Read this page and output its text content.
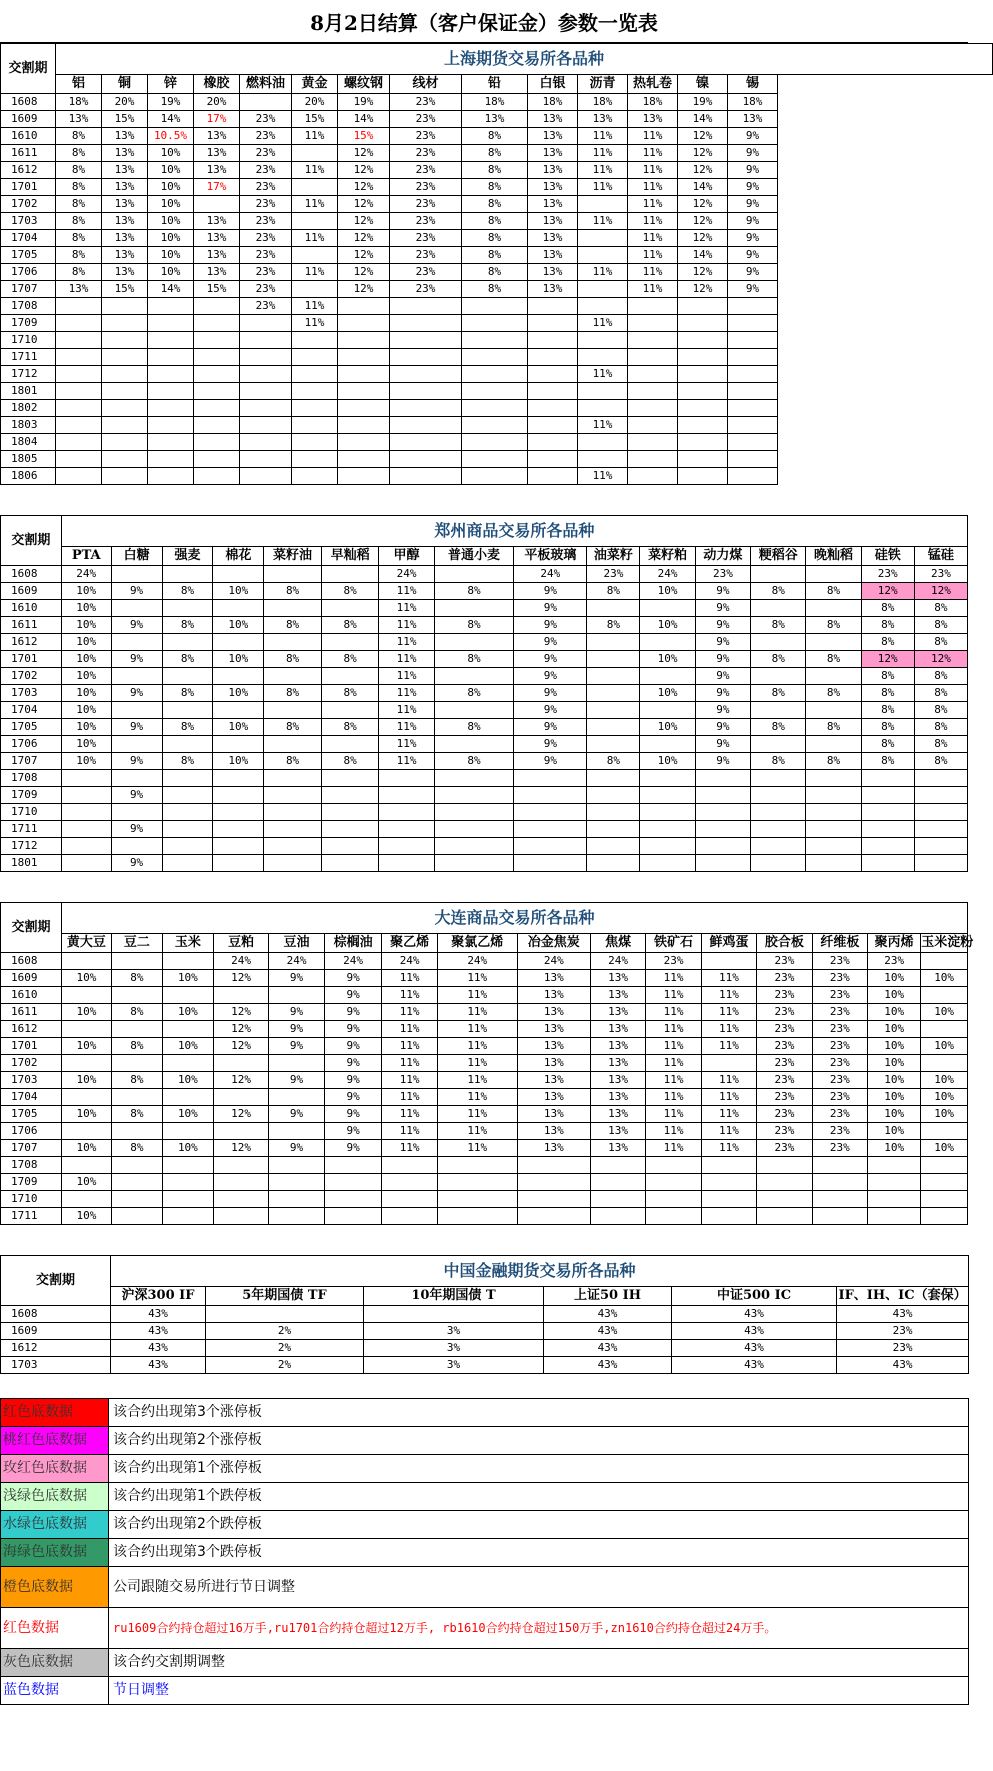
8月2日结算（客户保证金）参数一览表
交割期	上海期货交易所各品种														
	铝	铜	锌	橡胶	燃料油	黄金	螺纹钢	线材	铅	白银	沥青	热轧卷	镍	锡	
1608	18%	20%	19%	20%		20%	19%	23%	18%	18%	18%	18%	19%	18%	
1609	13%	15%	14%	17%	23%	15%	14%	23%	13%	13%	13%	13%	14%	13%	
1610	8%	13%	10.5%	13%	23%	11%	15%	23%	8%	13%	11%	11%	12%	9%	
1611	8%	13%	10%	13%	23%		12%	23%	8%	13%	11%	11%	12%	9%	
1612	8%	13%	10%	13%	23%	11%	12%	23%	8%	13%	11%	11%	12%	9%	
1701	8%	13%	10%	17%	23%		12%	23%	8%	13%	11%	11%	14%	9%	
1702	8%	13%	10%		23%	11%	12%	23%	8%	13%		11%	12%	9%	
1703	8%	13%	10%	13%	23%		12%	23%	8%	13%	11%	11%	12%	9%	
1704	8%	13%	10%	13%	23%	11%	12%	23%	8%	13%		11%	12%	9%	
1705	8%	13%	10%	13%	23%		12%	23%	8%	13%		11%	14%	9%	
1706	8%	13%	10%	13%	23%	11%	12%	23%	8%	13%	11%	11%	12%	9%	
1707	13%	15%	14%	15%	23%		12%	23%	8%	13%		11%	12%	9%	
1708					23%	11%									
1709						11%					11%				
1710															
1711															
1712											11%				
1801															
1802															
1803											11%				
1804															
1805															
1806											11%				
交割期	郑州商品交易所各品种															
	PTA	白糖	强麦	棉花	菜籽油	早籼稻	甲醇	普通小麦	平板玻璃	油菜籽	菜籽粕	动力煤	粳稻谷	晚籼稻	硅铁	锰硅
1608	24%						24%		24%	23%	24%	23%			23%	23%
1609	10%	9%	8%	10%	8%	8%	11%	8%	9%	8%	10%	9%	8%	8%	12%	12%
1610	10%						11%		9%			9%			8%	8%
1611	10%	9%	8%	10%	8%	8%	11%	8%	9%	8%	10%	9%	8%	8%	8%	8%
1612	10%						11%		9%			9%			8%	8%
1701	10%	9%	8%	10%	8%	8%	11%	8%	9%		10%	9%	8%	8%	12%	12%
1702	10%						11%		9%			9%			8%	8%
1703	10%	9%	8%	10%	8%	8%	11%	8%	9%		10%	9%	8%	8%	8%	8%
1704	10%						11%		9%			9%			8%	8%
1705	10%	9%	8%	10%	8%	8%	11%	8%	9%		10%	9%	8%	8%	8%	8%
1706	10%						11%		9%			9%			8%	8%
1707	10%	9%	8%	10%	8%	8%	11%	8%	9%	8%	10%	9%	8%	8%	8%	8%
1708																
1709		9%														
1710																
1711		9%														
1712																
1801		9%														
交割期	大连商品交易所各品种															
	黄大豆	豆二	玉米	豆粕	豆油	棕榈油	聚乙烯	聚氯乙烯	冶金焦炭	焦煤	铁矿石	鲜鸡蛋	胶合板	纤维板	聚丙烯	玉米淀粉
1608				24%	24%	24%	24%	24%	24%	24%	23%		23%	23%	23%	
1609	10%	8%	10%	12%	9%	9%	11%	11%	13%	13%	11%	11%	23%	23%	10%	10%
1610						9%	11%	11%	13%	13%	11%	11%	23%	23%	10%	
1611	10%	8%	10%	12%	9%	9%	11%	11%	13%	13%	11%	11%	23%	23%	10%	10%
1612				12%	9%	9%	11%	11%	13%	13%	11%	11%	23%	23%	10%	
1701	10%	8%	10%	12%	9%	9%	11%	11%	13%	13%	11%	11%	23%	23%	10%	10%
1702						9%	11%	11%	13%	13%	11%		23%	23%	10%	
1703	10%	8%	10%	12%	9%	9%	11%	11%	13%	13%	11%	11%	23%	23%	10%	10%
1704						9%	11%	11%	13%	13%	11%	11%	23%	23%	10%	10%
1705	10%	8%	10%	12%	9%	9%	11%	11%	13%	13%	11%	11%	23%	23%	10%	10%
1706						9%	11%	11%	13%	13%	11%	11%	23%	23%	10%	
1707	10%	8%	10%	12%	9%	9%	11%	11%	13%	13%	11%	11%	23%	23%	10%	10%
1708																
1709	10%															
1710																
1711	10%															
交割期	中国金融期货交易所各品种					
	沪深300 IF	5年期国债 TF	10年期国债 T	上证50 IH	中证500 IC	IF、IH、IC（套保）
1608	43%			43%	43%	43%
1609	43%	2%	3%	43%	43%	23%
1612	43%	2%	3%	43%	43%	23%
1703	43%	2%	3%	43%	43%	43%
红色底数据	该合约出现第3个涨停板
桃红色底数据	该合约出现第2个涨停板
玫红色底数据	该合约出现第1个涨停板
浅绿色底数据	该合约出现第1个跌停板
水绿色底数据	该合约出现第2个跌停板
海绿色底数据	该合约出现第3个跌停板
橙色底数据	公司跟随交易所进行节日调整
红色数据	ru1609合约持仓超过16万手,ru1701合约持仓超过12万手, rb1610合约持仓超过150万手,zn1610合约持仓超过24万手。
灰色底数据	该合约交割期调整
蓝色数据	节日调整
